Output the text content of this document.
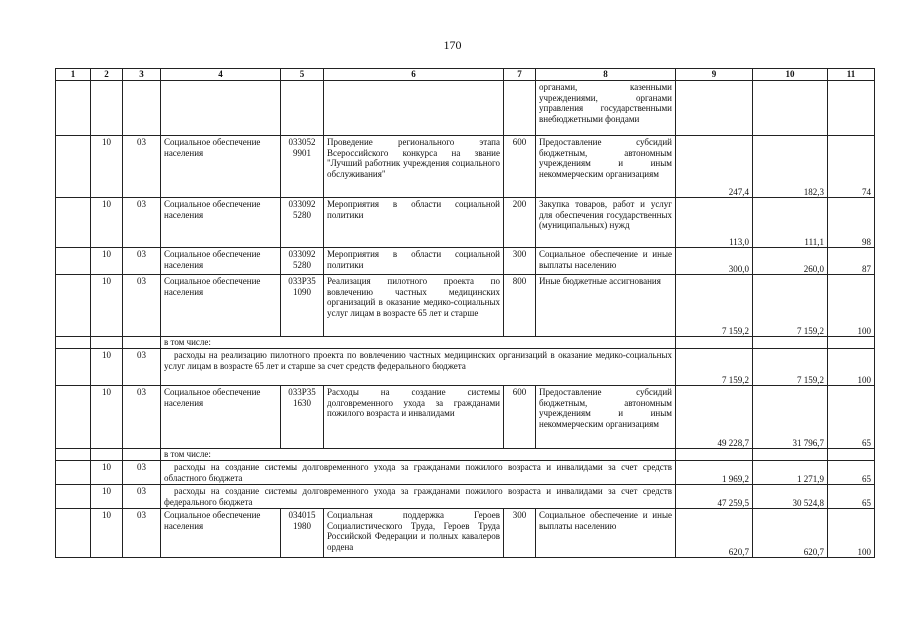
170
1	2	3	4	5	6	7	8	9	10	11
							органами, казенными учреждениями, органами управления государственными внебюджетными фондами			
	10	03	Социальное обеспечение населения	033052 9901	Проведение регионального этапа Всероссийского конкурса на звание "Лучший работник учреждения социального обслуживания"	600	Предоставление субсидий бюджетным, автономным учреждениям и иным некоммерческим организациям	247,4	182,3	74
	10	03	Социальное обеспечение населения	033092 5280	Мероприятия в области социальной политики	200	Закупка товаров, работ и услуг для обеспечения государственных (муниципальных) нужд	113,0	111,1	98
	10	03	Социальное обеспечение населения	033092 5280	Мероприятия в области социальной политики	300	Социальное обеспечение и иные выплаты населению	300,0	260,0	87
	10	03	Социальное обеспечение населения	033P35 1090	Реализация пилотного проекта по вовлечению частных медицинских организаций в оказание медико-социальных услуг лицам в возрасте 65 лет и старше	800	Иные бюджетные ассигнования	7 159,2	7 159,2	100
			в том числе:							
	10	03	расходы на реализацию пилотного проекта по вовлечению частных медицинских организаций в оказание медико-социальных услуг лицам в возрасте 65 лет и старше за счет средств федерального бюджета					7 159,2	7 159,2	100
	10	03	Социальное обеспечение населения	033P35 1630	Расходы на создание системы долговременного ухода за гражданами пожилого возраста и инвалидами	600	Предоставление субсидий бюджетным, автономным учреждениям и иным некоммерческим организациям	49 228,7	31 796,7	65
			в том числе:							
	10	03	расходы на создание системы долговременного ухода за гражданами пожилого возраста и инвалидами за счет средств областного бюджета					1 969,2	1 271,9	65
	10	03	расходы на создание системы долговременного ухода за гражданами пожилого возраста и инвалидами за счет средств федерального бюджета					47 259,5	30 524,8	65
	10	03	Социальное обеспечение населения	034015 1980	Социальная поддержка Героев Социалистического Труда, Героев Труда Российской Федерации и полных кавалеров ордена	300	Социальное обеспечение и иные выплаты населению	620,7	620,7	100
